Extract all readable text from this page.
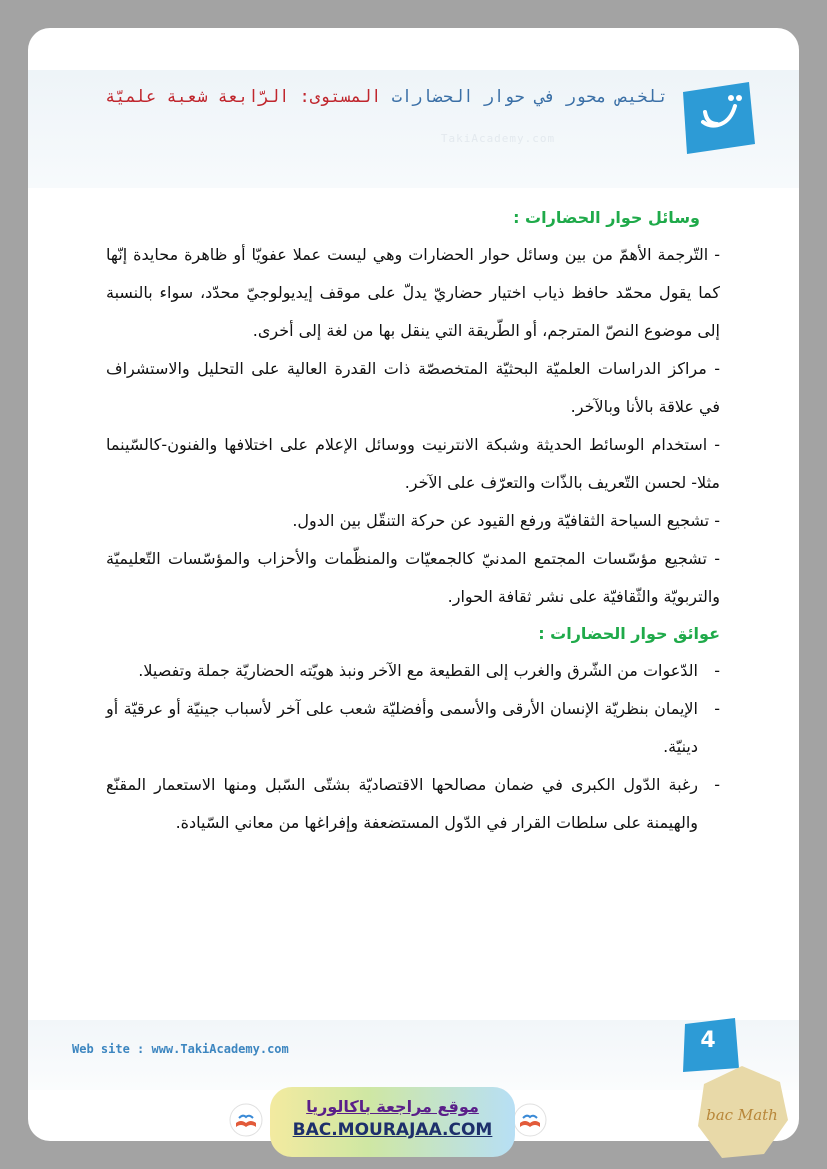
تلخيص محور في حوار الحضارات المستوى: الرّابعة شعبة علميّة
TakiAcademy.com
وسائل حوار الحضارات :

- التّرجمة الأهمّ من بين وسائل حوار الحضارات وهي ليست عملا عفويّا أو ظاهرة محايدة إنّها كما يقول محمّد حافظ ذياب اختيار حضاريّ يدلّ على موقف إيديولوجيّ محدّد، سواء بالنسبة إلى موضوع النصّ المترجم، أو الطّريقة التي ينقل بها من لغة إلى أخرى.

- مراكز الدراسات العلميّة البحثيّة المتخصصّة ذات القدرة العالية على التحليل والاستشراف في علاقة بالأنا وبالآخر.

- استخدام الوسائط الحديثة وشبكة الانترنيت ووسائل الإعلام على اختلافها والفنون-كالسّينما مثلا- لحسن التّعريف بالذّات والتعرّف على الآخر.

- تشجيع السياحة الثقافيّة ورفع القيود عن حركة التنقّل بين الدول.

- تشجيع مؤسّسات المجتمع المدنيّ كالجمعيّات والمنظّمات والأحزاب والمؤسّسات التّعليميّة والتربويّة والثّقافيّة على نشر ثقافة الحوار.

عوائق حوار الحضارات :
-
الدّعوات من الشّرق والغرب إلى القطيعة مع الآخر ونبذ هويّته الحضاريّة جملة وتفصيلا.
-
الإيمان بنظريّة الإنسان الأرقى والأسمى وأفضليّة شعب على آخر لأسباب جينيّة أو عرقيّة أو دينيّة.
-
رغبة الدّول الكبرى في ضمان مصالحها الاقتصاديّة بشتّى السّبل ومنها الاستعمار المقنّع والهيمنة على سلطات القرار في الدّول المستضعفة وإفراغها من معاني السّيادة.
Web site : www.TakiAcademy.com	4
موقع مراجعة باكالوريا
BAC.MOURAJAA.COM
bac Math
